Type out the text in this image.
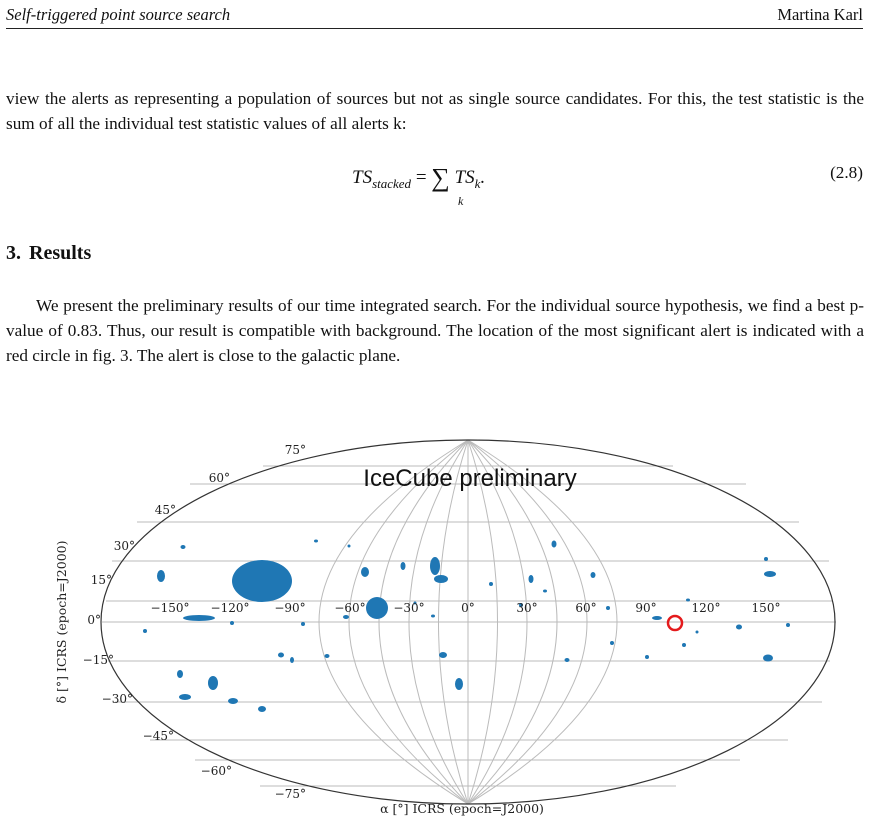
Self-triggered point source search	Martina Karl
view the alerts as representing a population of sources but not as single source candidates. For this, the test statistic is the sum of all the individual test statistic values of all alerts k:
$TS_{stacked}$ = ∑ $TS_k$.
k
(2.8)
3. Results
We present the preliminary results of our time integrated search. For the individual source hypothesis, we find a best p-value of 0.83. Thus, our result is compatible with background. The location of the most significant alert is indicated with a red circle in fig. 3. The alert is close to the galactic plane.
IceCube preliminary
−150° −120° −90° −60° −30°	0°	30°	60°	90°	120°	150°
75°
60°
45°
30°
15°
0°
−15°
−30°
−45°
−60°
−75°
α [°] ICRS (epoch=J2000)
δ [°] ICRS (epoch=J2000)
